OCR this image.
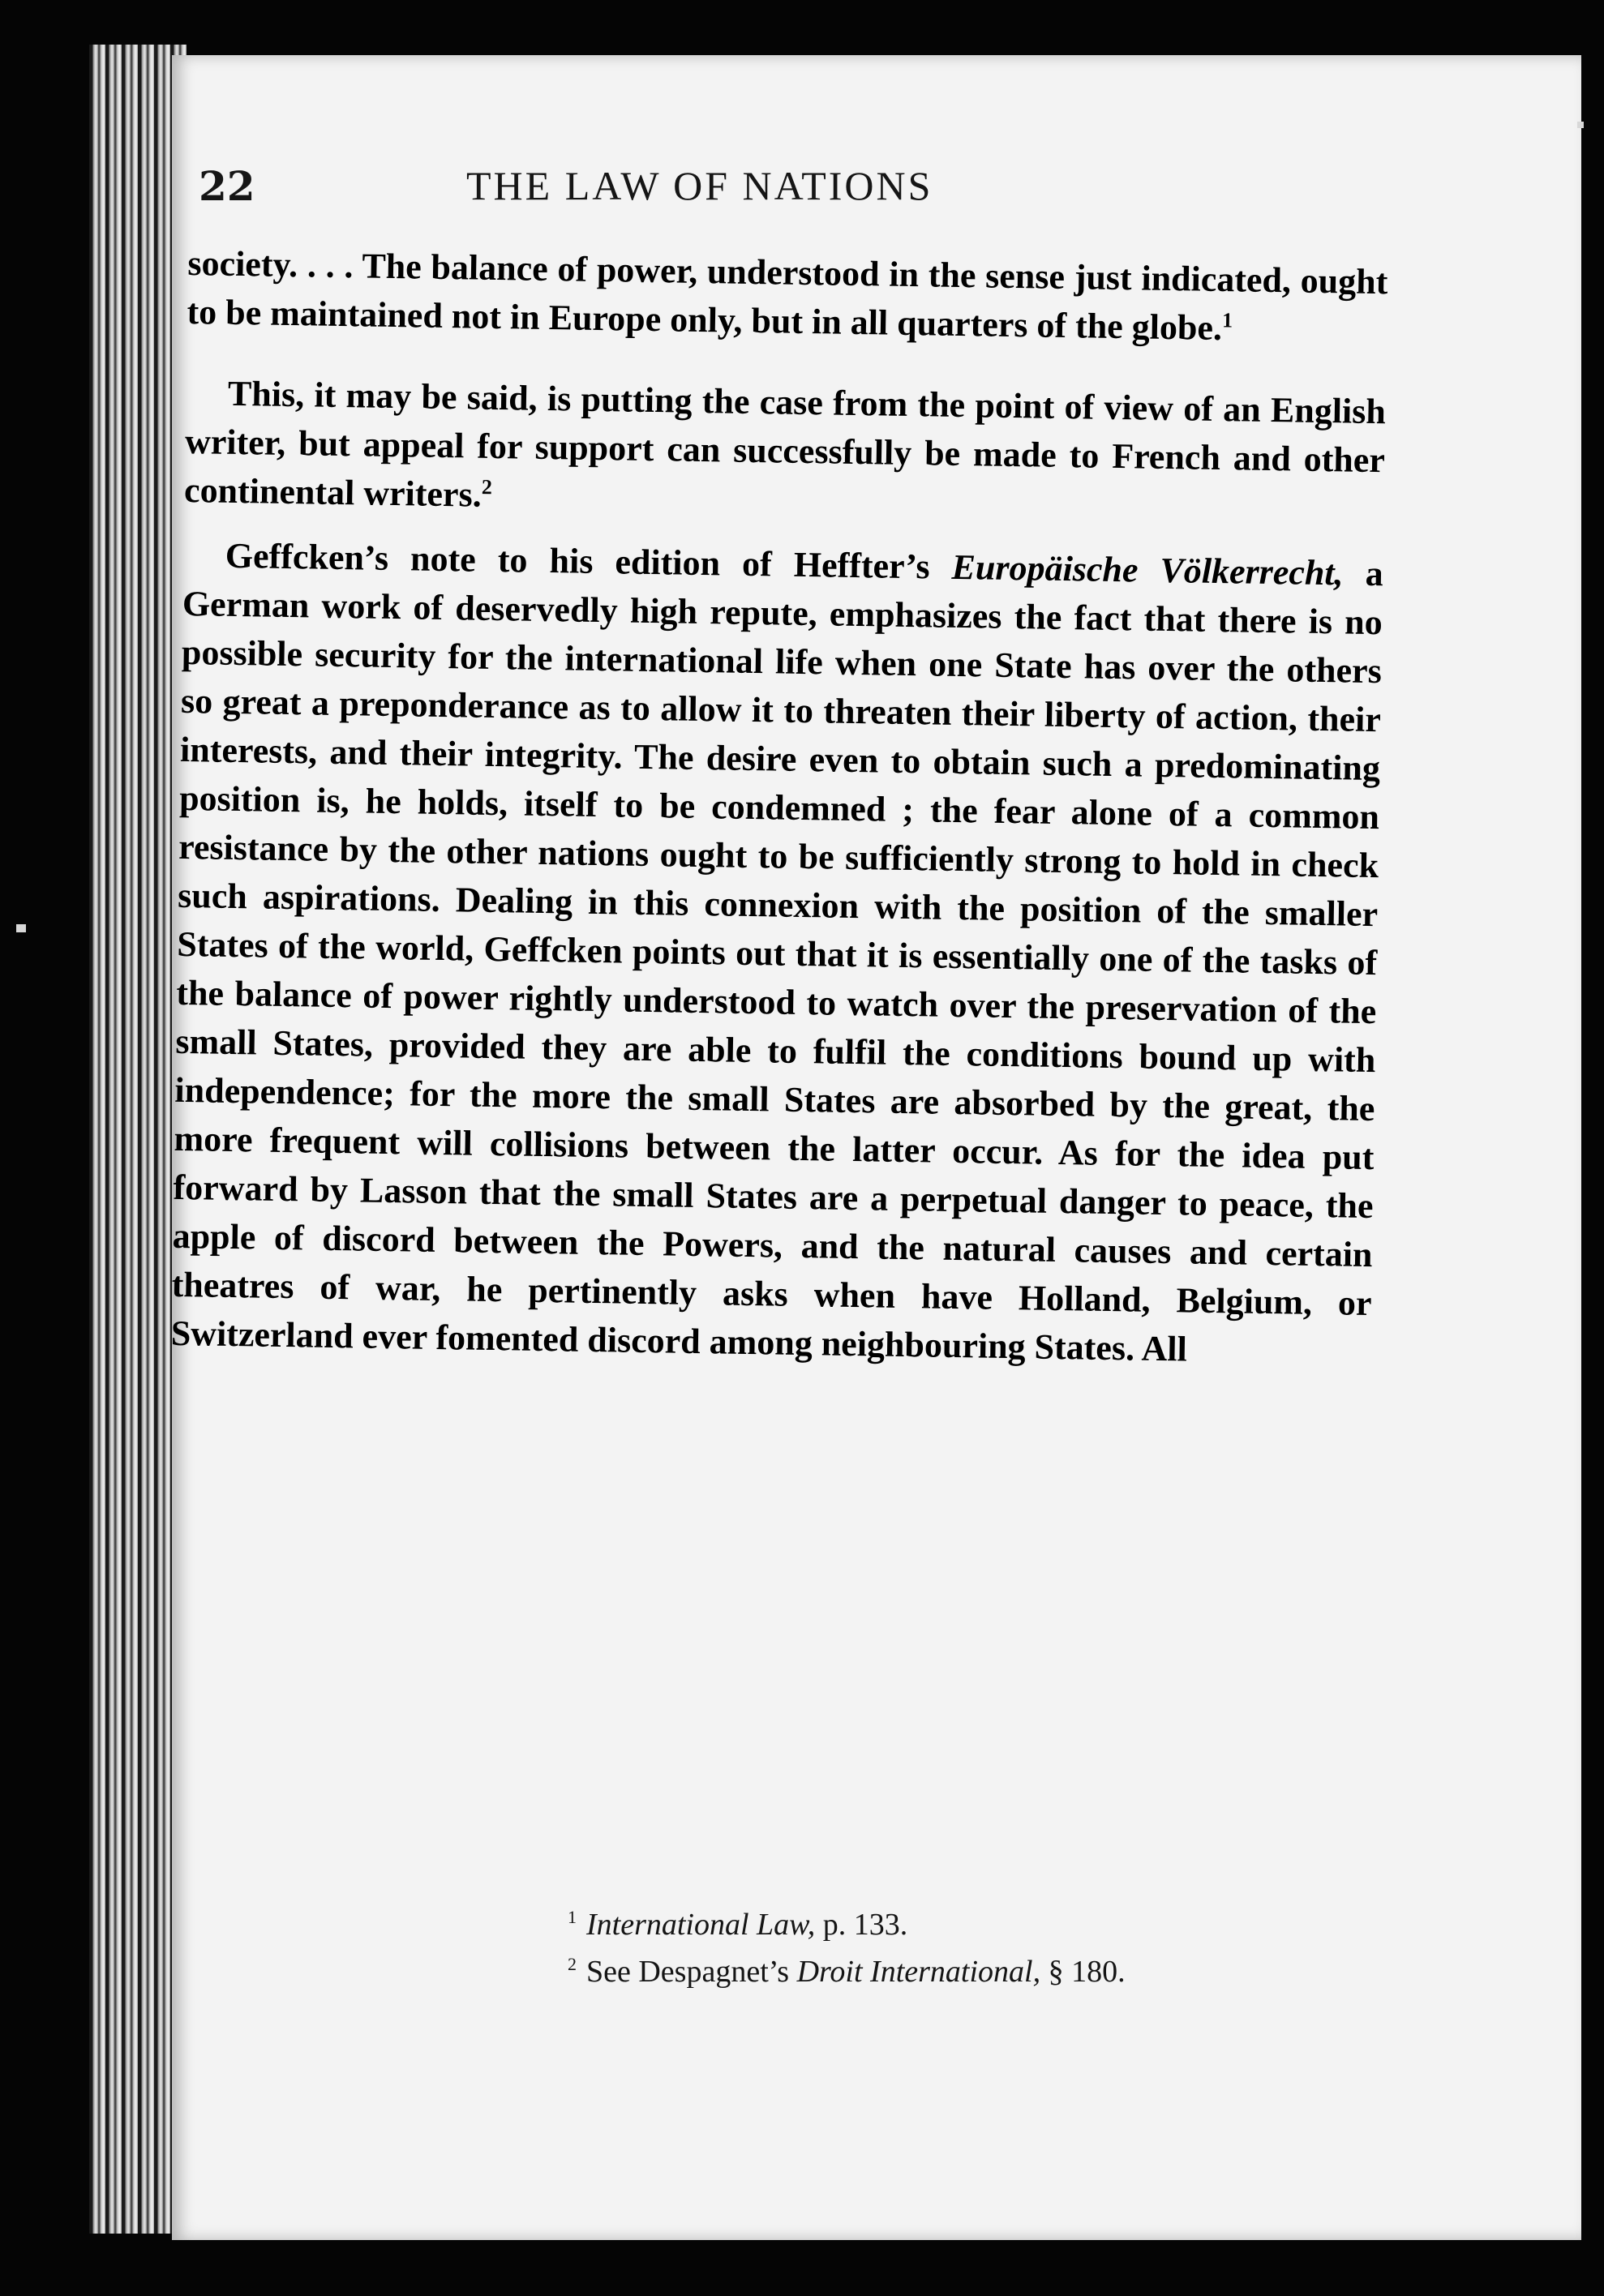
22	THE LAW OF NATIONS

society. . . . The balance of power, understood in the sense just indicated, ought to be maintained not in Europe only, but in all quarters of the globe.$^1$

This, it may be said, is putting the case from the point of view of an English writer, but appeal for support can successfully be made to French and other continental writers.$^2$

Geffcken’s note to his edition of Heffter’s Europäische Völkerrecht, a German work of deservedly high repute, emphasizes the fact that there is no possible security for the international life when one State has over the others so great a preponderance as to allow it to threaten their liberty of action, their interests, and their integrity. The desire even to obtain such a predominating position is, he holds, itself to be condemned ; the fear alone of a common resistance by the other nations ought to be sufficiently strong to hold in check such aspirations. Dealing in this connexion with the position of the smaller States of the world, Geffcken points out that it is essentially one of the tasks of the balance of power rightly understood to watch over the preservation of the small States, provided they are able to fulfil the conditions bound up with independence; for the more the small States are absorbed by the great, the more frequent will collisions between the latter occur. As for the idea put forward by Lasson that the small States are a perpetual danger to peace, the apple of discord between the Powers, and the natural causes and certain theatres of war, he pertinently asks when have Holland, Belgium, or Switzerland ever fomented discord among neighbouring States. All

$^1$ International Law, p. 133.
$^2$ See Despagnet’s Droit International, § 180.
